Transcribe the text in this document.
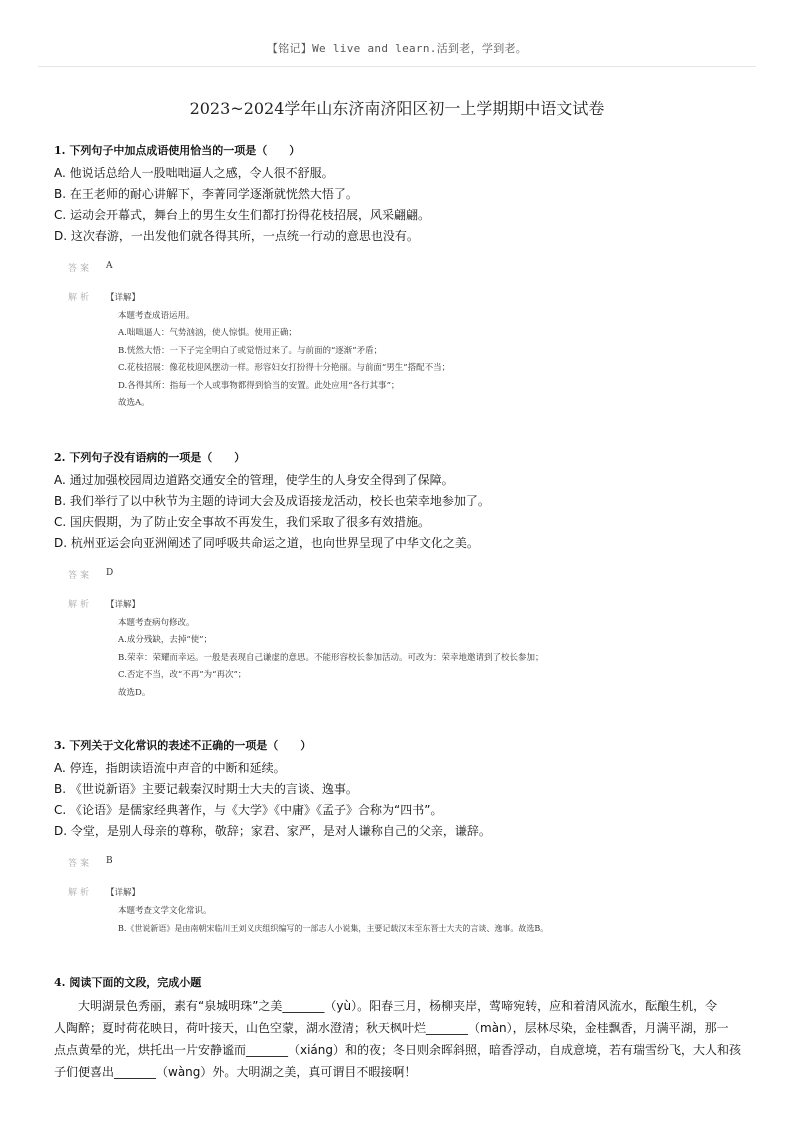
【铭记】We live and learn.活到老，学到老。
2023~2024学年山东济南济阳区初一上学期期中语文试卷
1. 下列句子中加点成语使用恰当的一项是（　　）
A. 他说话总给人一股咄咄逼人之感，令人很不舒服。
B. 在王老师的耐心讲解下，李菁同学逐渐就恍然大悟了。
C. 运动会开幕式，舞台上的男生女生们都打扮得花枝招展，风采翩翩。
D. 这次春游，一出发他们就各得其所，一点统一行动的意思也没有。
答案	A
解析	【详解】
本题考查成语运用。
A.咄咄逼人：气势汹汹，使人惊惧。使用正确；
B.恍然大悟：一下子完全明白了或觉悟过来了。与前面的“逐渐”矛盾；
C.花枝招展：像花枝迎风摆动一样。形容妇女打扮得十分艳丽。与前面“男生”搭配不当；
D.各得其所：指每一个人或事物都得到恰当的安置。此处应用“各行其事”；
故选A。
2. 下列句子没有语病的一项是（　　）
A. 通过加强校园周边道路交通安全的管理，使学生的人身安全得到了保障。
B. 我们举行了以中秋节为主题的诗词大会及成语接龙活动，校长也荣幸地参加了。
C. 国庆假期，为了防止安全事故不再发生，我们采取了很多有效措施。
D. 杭州亚运会向亚洲阐述了同呼吸共命运之道，也向世界呈现了中华文化之美。
答案	D
解析	【详解】
本题考查病句修改。
A.成分残缺，去掉“使”；
B.荣幸：荣耀而幸运。一般是表现自己谦虚的意思。不能形容校长参加活动。可改为：荣幸地邀请到了校长参加；
C.否定不当，改“不再”为“再次”；
故选D。
3. 下列关于文化常识的表述不正确的一项是（　　）
A. 停连，指朗读语流中声音的中断和延续。
B. 《世说新语》主要记载秦汉时期士大夫的言谈、逸事。
C. 《论语》是儒家经典著作，与《大学》《中庸》《孟子》合称为“四书”。
D. 令堂，是别人母亲的尊称，敬辞；家君、家严，是对人谦称自己的父亲，谦辞。
答案	B
解析	【详解】
本题考查文学文化常识。
B.《世说新语》是由南朝宋临川王刘义庆组织编写的一部志人小说集，主要记载汉末至东晋士大夫的言谈、逸事。故选B。
4. 阅读下面的文段，完成小题
　　大明湖景色秀丽，素有“泉城明珠”之美_______（yù）。阳春三月，杨柳夹岸，莺啼宛转，应和着清风流水，酝酿生机，令
人陶醉；夏时荷花映日，荷叶接天，山色空蒙，湖水澄清；秋天枫叶烂_______（màn），层林尽染，金桂飘香，月满平湖，那一
点点黄晕的光，烘托出一片安静谧而_______（xiáng）和的夜；冬日则余晖斜照，暗香浮动，自成意境，若有瑞雪纷飞，大人和孩
子们便喜出_______（wàng）外。大明湖之美，真可谓目不暇接啊！
